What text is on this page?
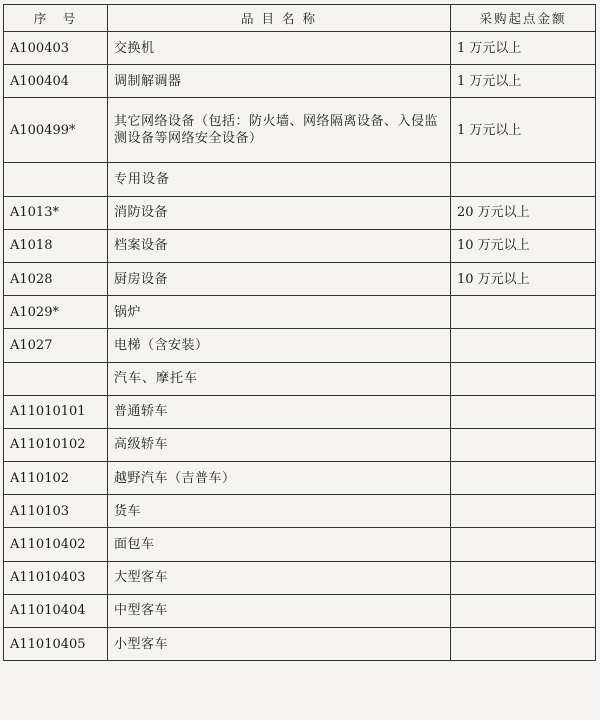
序　号	品 目 名 称	采购起点金额
A100403	交换机	1 万元以上
A100404	调制解调器	1 万元以上
A100499*	其它网络设备（包括：防火墙、网络隔离设备、入侵监测设备等网络安全设备）	1 万元以上
	专用设备	
A1013*	消防设备	20 万元以上
A1018	档案设备	10 万元以上
A1028	厨房设备	10 万元以上
A1029*	锅炉	
A1027	电梯（含安装）	
	汽车、摩托车	
A11010101	普通轿车	
A11010102	高级轿车	
A110102	越野汽车（吉普车）	
A110103	货车	
A11010402	面包车	
A11010403	大型客车	
A11010404	中型客车	
A11010405	小型客车	
